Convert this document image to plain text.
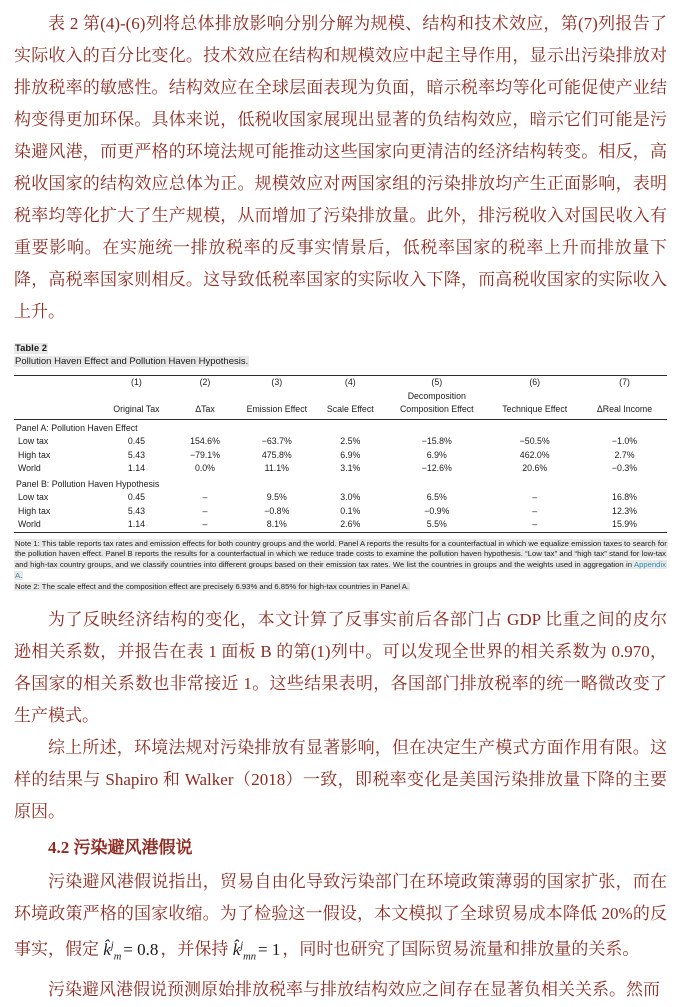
表 2 第(4)-(6)列将总体排放影响分别分解为规模、结构和技术效应，第(7)列报告了实际收入的百分比变化。技术效应在结构和规模效应中起主导作用，显示出污染排放对排放税率的敏感性。结构效应在全球层面表现为负面，暗示税率均等化可能促使产业结构变得更加环保。具体来说，低税收国家展现出显著的负结构效应，暗示它们可能是污染避风港，而更严格的环境法规可能推动这些国家向更清洁的经济结构转变。相反，高税收国家的结构效应总体为正。规模效应对两国家组的污染排放均产生正面影响，表明税率均等化扩大了生产规模，从而增加了污染排放量。此外，排污税收入对国民收入有重要影响。在实施统一排放税率的反事实情景后，低税率国家的税率上升而排放量下降，高税率国家则相反。这导致低税率国家的实际收入下降，而高税收国家的实际收入上升。

Table 2
Pollution Haven Effect and Pollution Haven Hypothesis.
	(1)	(2)	(3)	(4)	(5)	(6)	(7)
					Decomposition		
	Original Tax	ΔTax	Emission Effect	Scale Effect	Composition Effect	Technique Effect	ΔReal Income
Panel A: Pollution Haven Effect							
Low tax	0.45	154.6%	−63.7%	2.5%	−15.8%	−50.5%	−1.0%
High tax	5.43	−79.1%	475.8%	6.9%	6.9%	462.0%	2.7%
World	1.14	0.0%	11.1%	3.1%	−12.6%	20.6%	−0.3%
Panel B: Pollution Haven Hypothesis							
Low tax	0.45	–	9.5%	3.0%	6.5%	–	16.8%
High tax	5.43	–	−0.8%	0.1%	−0.9%	–	12.3%
World	1.14	–	8.1%	2.6%	5.5%	–	15.9%
Note 1: This table reports tax rates and emission effects for both country groups and the world. Panel A reports the results for a counterfactual in which we equalize emission taxes to search for the pollution haven effect. Panel B reports the results for a counterfactual in which we reduce trade costs to examine the pollution haven hypothesis. “Low tax” and “high tax” stand for low-tax and high-tax country groups, and we classify countries into different groups based on their emission tax rates. We list the countries in groups and the weights used in aggregation in Appendix A.
Note 2: The scale effect and the composition effect are precisely 6.93% and 6.85% for high-tax countries in Panel A.

为了反映经济结构的变化，本文计算了反事实前后各部门占 GDP 比重之间的皮尔逊相关系数，并报告在表 1 面板 B 的第(1)列中。可以发现全世界的相关系数为 0.970，各国家的相关系数也非常接近 1。这些结果表明，各国部门排放税率的统一略微改变了生产模式。

综上所述，环境法规对污染排放有显著影响，但在决定生产模式方面作用有限。这样的结果与 Shapiro 和 Walker（2018）一致，即税率变化是美国污染排放量下降的主要原因。

4.2 污染避风港假说

污染避风港假说指出，贸易自由化导致污染部门在环境政策薄弱的国家扩张，而在环境政策严格的国家收缩。为了检验这一假设，本文模拟了全球贸易成本降低 20%的反事实，假定 k̂$^j_m$ = 0.8 ，并保持 k̂$^j_{mn}$ = 1 ，同时也研究了国际贸易流量和排放量的关系。

污染避风港假说预测原始排放税率与排放结构效应之间存在显著负相关关系。然而
